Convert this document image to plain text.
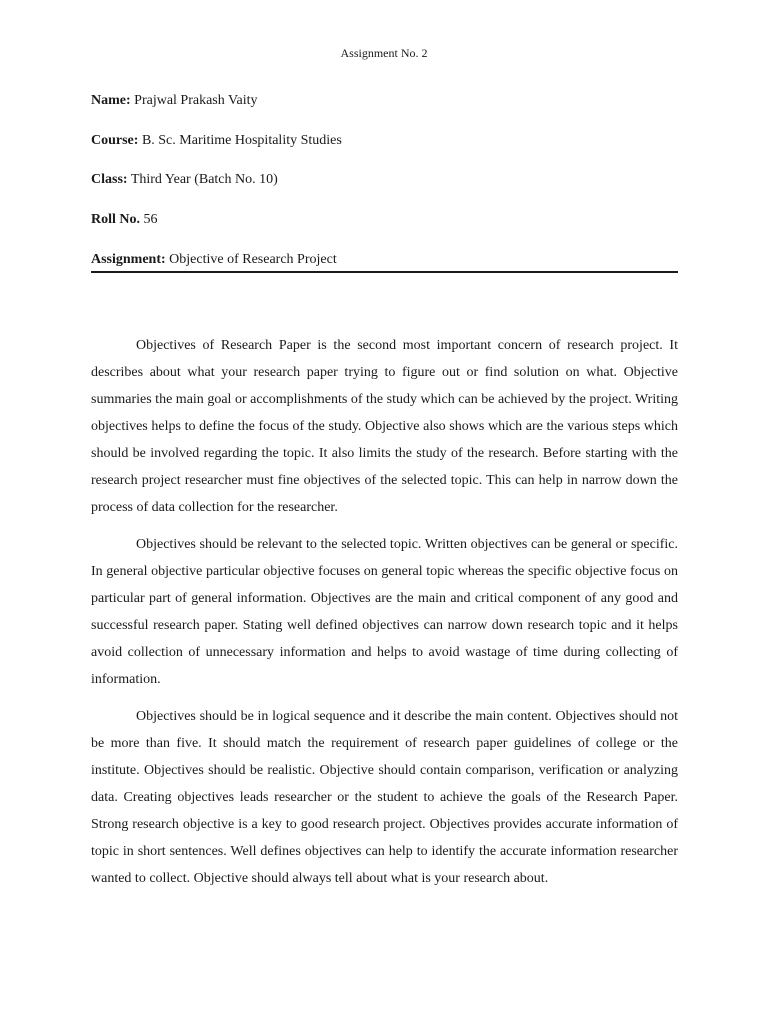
Assignment No. 2
Name: Prajwal Prakash Vaity
Course: B. Sc. Maritime Hospitality Studies
Class: Third Year (Batch No. 10)
Roll No. 56
Assignment: Objective of Research Project

Objectives of Research Paper is the second most important concern of research project. It describes about what your research paper trying to figure out or find solution on what. Objective summaries the main goal or accomplishments of the study which can be achieved by the project. Writing objectives helps to define the focus of the study. Objective also shows which are the various steps which should be involved regarding the topic. It also limits the study of the research. Before starting with the research project researcher must fine objectives of the selected topic. This can help in narrow down the process of data collection for the researcher.

Objectives should be relevant to the selected topic. Written objectives can be general or specific. In general objective particular objective focuses on general topic whereas the specific objective focus on particular part of general information. Objectives are the main and critical component of any good and successful research paper. Stating well defined objectives can narrow down research topic and it helps avoid collection of unnecessary information and helps to avoid wastage of time during collecting of information.

Objectives should be in logical sequence and it describe the main content. Objectives should not be more than five. It should match the requirement of research paper guidelines of college or the institute. Objectives should be realistic. Objective should contain comparison, verification or analyzing data. Creating objectives leads researcher or the student to achieve the goals of the Research Paper. Strong research objective is a key to good research project. Objectives provides accurate information of topic in short sentences. Well defines objectives can help to identify the accurate information researcher wanted to collect. Objective should always tell about what is your research about.
